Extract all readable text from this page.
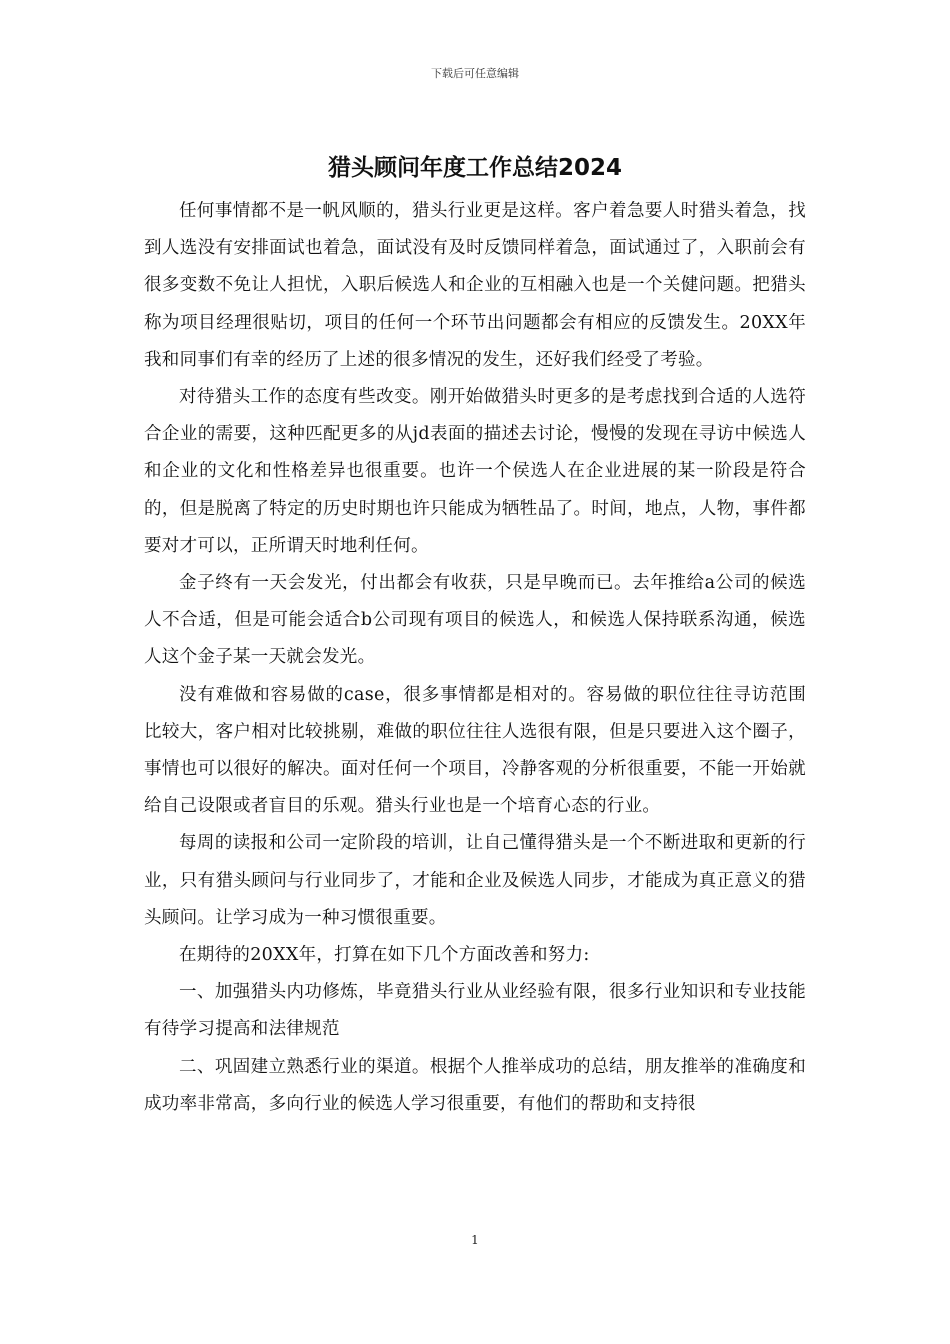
下载后可任意编辑
猎头顾问年度工作总结2024

任何事情都不是一帆风顺的，猎头行业更是这样。客户着急要人时猎头着急，找到人选没有安排面试也着急，面试没有及时反馈同样着急，面试通过了，入职前会有很多变数不免让人担忧，入职后候选人和企业的互相融入也是一个关健问题。把猎头称为项目经理很贴切，项目的任何一个环节出问题都会有相应的反馈发生。20XX年我和同事们有幸的经历了上述的很多情况的发生，还好我们经受了考验。

对待猎头工作的态度有些改变。刚开始做猎头时更多的是考虑找到合适的人选符合企业的需要，这种匹配更多的从jd表面的描述去讨论，慢慢的发现在寻访中候选人和企业的文化和性格差异也很重要。也许一个侯选人在企业进展的某一阶段是符合的，但是脱离了特定的历史时期也许只能成为牺牲品了。时间，地点，人物，事件都要对才可以，正所谓天时地利任何。

金子终有一天会发光，付出都会有收获，只是早晚而已。去年推给a公司的候选人不合适，但是可能会适合b公司现有项目的候选人，和候选人保持联系沟通，候选人这个金子某一天就会发光。

没有难做和容易做的case，很多事情都是相对的。容易做的职位往往寻访范围比较大，客户相对比较挑剔，难做的职位往往人选很有限，但是只要进入这个圈子，事情也可以很好的解决。面对任何一个项目，冷静客观的分析很重要，不能一开始就给自己设限或者盲目的乐观。猎头行业也是一个培育心态的行业。

每周的读报和公司一定阶段的培训，让自己懂得猎头是一个不断进取和更新的行业，只有猎头顾问与行业同步了，才能和企业及候选人同步，才能成为真正意义的猎头顾问。让学习成为一种习惯很重要。

在期待的20XX年，打算在如下几个方面改善和努力:

一、加强猎头内功修炼，毕竟猎头行业从业经验有限，很多行业知识和专业技能有待学习提高和法律规范

二、巩固建立熟悉行业的渠道。根据个人推举成功的总结，朋友推举的准确度和成功率非常高，多向行业的候选人学习很重要，有他们的帮助和支持很

1
